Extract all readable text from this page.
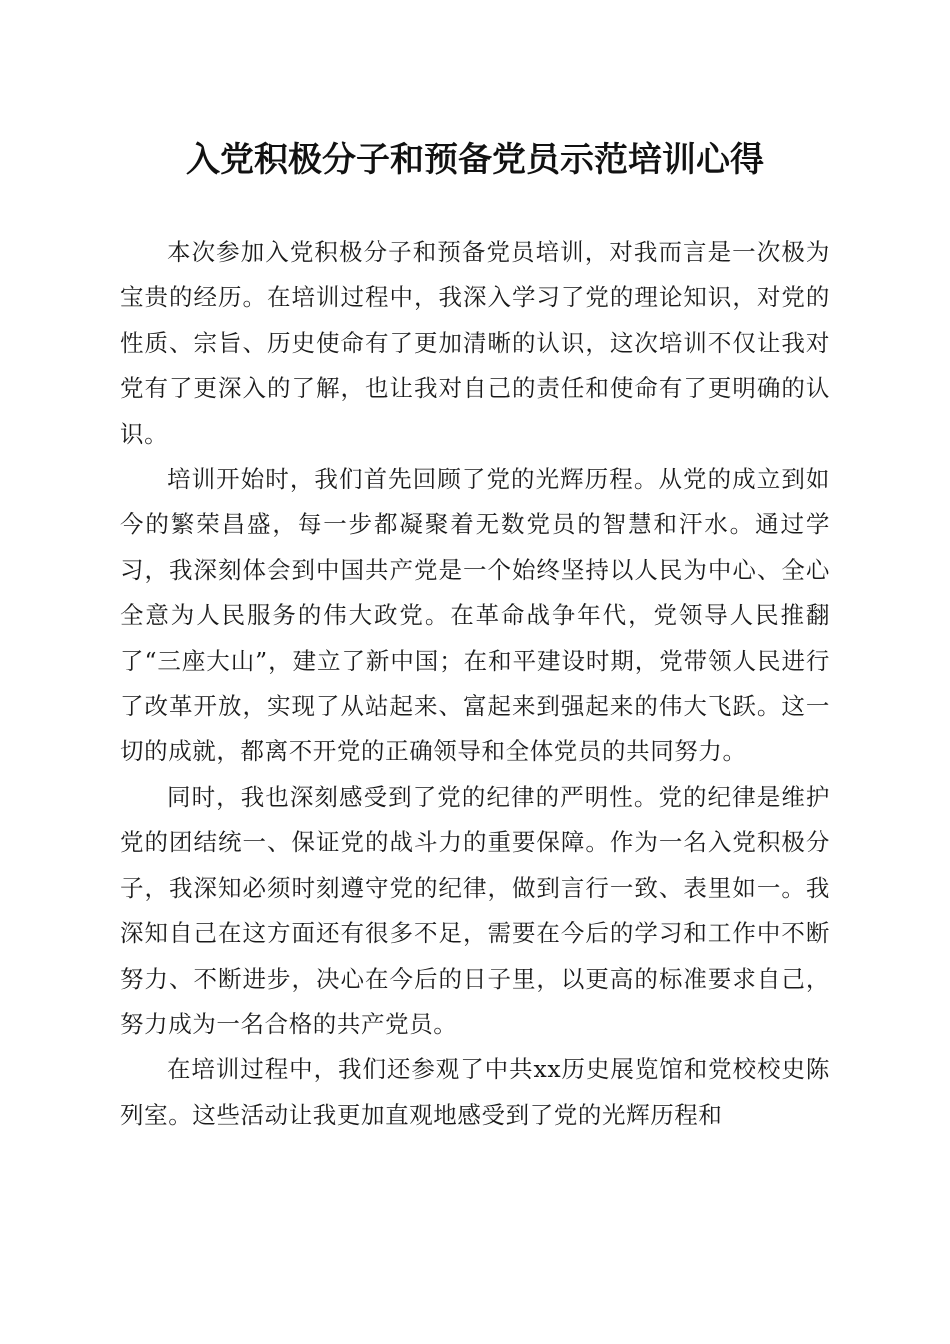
入党积极分子和预备党员示范培训心得

本次参加入党积极分子和预备党员培训，对我而言是一次极为宝贵的经历。在培训过程中，我深入学习了党的理论知识，对党的性质、宗旨、历史使命有了更加清晰的认识，这次培训不仅让我对党有了更深入的了解，也让我对自己的责任和使命有了更明确的认识。

培训开始时，我们首先回顾了党的光辉历程。从党的成立到如今的繁荣昌盛，每一步都凝聚着无数党员的智慧和汗水。通过学习，我深刻体会到中国共产党是一个始终坚持以人民为中心、全心全意为人民服务的伟大政党。在革命战争年代，党领导人民推翻了“三座大山”，建立了新中国；在和平建设时期，党带领人民进行了改革开放，实现了从站起来、富起来到强起来的伟大飞跃。这一切的成就，都离不开党的正确领导和全体党员的共同努力。

同时，我也深刻感受到了党的纪律的严明性。党的纪律是维护党的团结统一、保证党的战斗力的重要保障。作为一名入党积极分子，我深知必须时刻遵守党的纪律，做到言行一致、表里如一。我深知自己在这方面还有很多不足，需要在今后的学习和工作中不断努力、不断进步，决心在今后的日子里，以更高的标准要求自己，努力成为一名合格的共产党员。

在培训过程中，我们还参观了中共xx历史展览馆和党校校史陈列室。这些活动让我更加直观地感受到了党的光辉历程和
